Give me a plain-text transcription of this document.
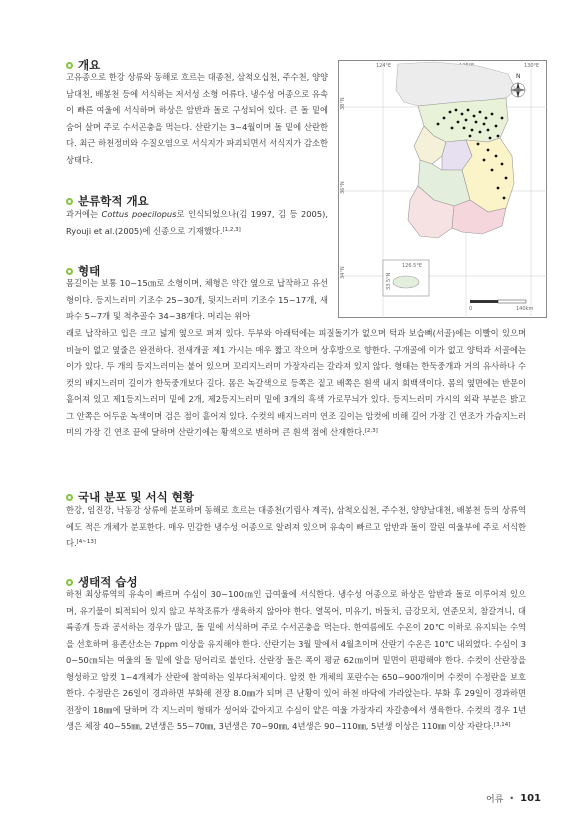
개요
고유종으로 한강 상류와 동해로 흐르는 대종천, 삼척오십천, 주수천, 양양남대천, 배봉천 등에 서식하는 저서성 소형 어류다. 냉수성 어종으로 유속이 빠른 여울에 서식하며 하상은 암반과 돌로 구성되어 있다. 큰 돌 밑에 숨어 살며 주로 수서곤충을 먹는다. 산란기는 3~4월이며 돌 밑에 산란한다. 최근 하천정비와 수질오염으로 서식지가 파괴되면서 서식지가 감소한 상태다.
분류학적 개요
과거에는 Cottus poecilopus로 인식되었으나(김 1997, 김 등 2005), Ryouji et al.(2005)에 신종으로 기재했다.[1,2,3]
형태
몸길이는 보통 10~15㎝로 소형이며, 체형은 약간 옆으로 납작하고 유선형이다. 등지느러미 기조수 25~30개, 뒷지느러미 기조수 15~17개, 새파수 5~7개 및 척추골수 34~38개다. 머리는 위아
래로 납작하고 입은 크고 넓게 옆으로 퍼져 있다. 두부와 아래턱에는 피질돌기가 없으며 턱과 보습뼈(서골)에는 이빨이 있으며 비늘이 없고 옆줄은 완전하다. 전새개골 제1 가시는 매우 짧고 작으며 상후방으로 향한다. 구개골에 이가 없고 양턱과 서골에는 이가 있다. 두 개의 등지느러미는 붙어 있으며 꼬리지느러미 가장자리는 갈라져 있지 않다. 형태는 한둑중개과 거의 유사하나 수컷의 배지느러미 길이가 한둑중개보다 길다. 몸은 녹갈색으로 등쪽은 짙고 배쪽은 흰색 내지 회백색이다. 몸의 옆면에는 반문이 흩어져 있고 제1등지느러미 밑에 2개, 제2등지느러미 밑에 3개의 흑색 가로무늬가 있다. 등지느러미 가시의 외곽 부분은 밝고 그 안쪽은 어두운 녹색이며 검은 점이 흩어져 있다. 수컷의 배지느러미 연조 길이는 암컷에 비해 길어 가장 긴 연조가 가슴지느러미의 가장 긴 연조 끝에 달하며 산란기에는 황색으로 변하며 큰 흰색 점에 산재한다.[2,3]
국내 분포 및 서식 현황
한강, 임진강, 낙동강 상류에 분포하며 동해로 흐르는 대종천(기림사 계곡), 삼척오십천, 주수천, 양양남대천, 배봉천 등의 상류역에도 적은 개체가 분포한다. 매우 민감한 냉수성 어종으로 알려져 있으며 유속이 빠르고 암반과 돌이 깔린 여울부에 주로 서식한다.[4~13]
생태적 습성
하천 최상류역의 유속이 빠르며 수심이 30~100㎝인 급여울에 서식한다. 냉수성 어종으로 하상은 암반과 돌로 이루어져 있으며, 유기물이 퇴적되어 있지 않고 부착조류가 생육하지 않아야 한다. 열목어, 미유기, 버들치, 금강모치, 연준모치, 참갈겨니, 대륙종개 등과 공서하는 경우가 많고, 돌 밑에 서식하며 주로 수서곤충을 먹는다. 한여름에도 수온이 20℃ 이하로 유지되는 수역을 선호하며 용존산소는 7ppm 이상을 유지해야 한다. 산란기는 3월 말에서 4월초이며 산란기 수온은 10℃ 내외였다. 수심이 30~50㎝되는 여울의 돌 밑에 알을 덩어리로 붙인다. 산란장 돌은 폭이 평균 62㎝이며 밑면이 편평해야 한다. 수컷이 산란장을 형성하고 암컷 1~4개체가 산란에 참여하는 일부다처제이다. 암컷 한 개체의 포란수는 650~900개이며 수컷이 수정란을 보호한다. 수정란은 26일이 경과하면 부화해 전장 8.0㎜가 되며 큰 난황이 있어 하천 바닥에 가라앉는다. 부화 후 29일이 경과하면 전장이 18㎜에 달하며 각 지느러미 형태가 성어와 같아지고 수심이 얕은 여울 가장자리 자갈층에서 생육한다. 수컷의 경우 1년생은 체장 40~55㎜, 2년생은 55~70㎜, 3년생은 70~90㎜, 4년생은 90~110㎜, 5년생 이상은 110㎜ 이상 자란다.[3,14]
124°E	130°E
38°N
36°N
34°N
N
126.5°E
33.5°N
0	140km
어류 • 101
